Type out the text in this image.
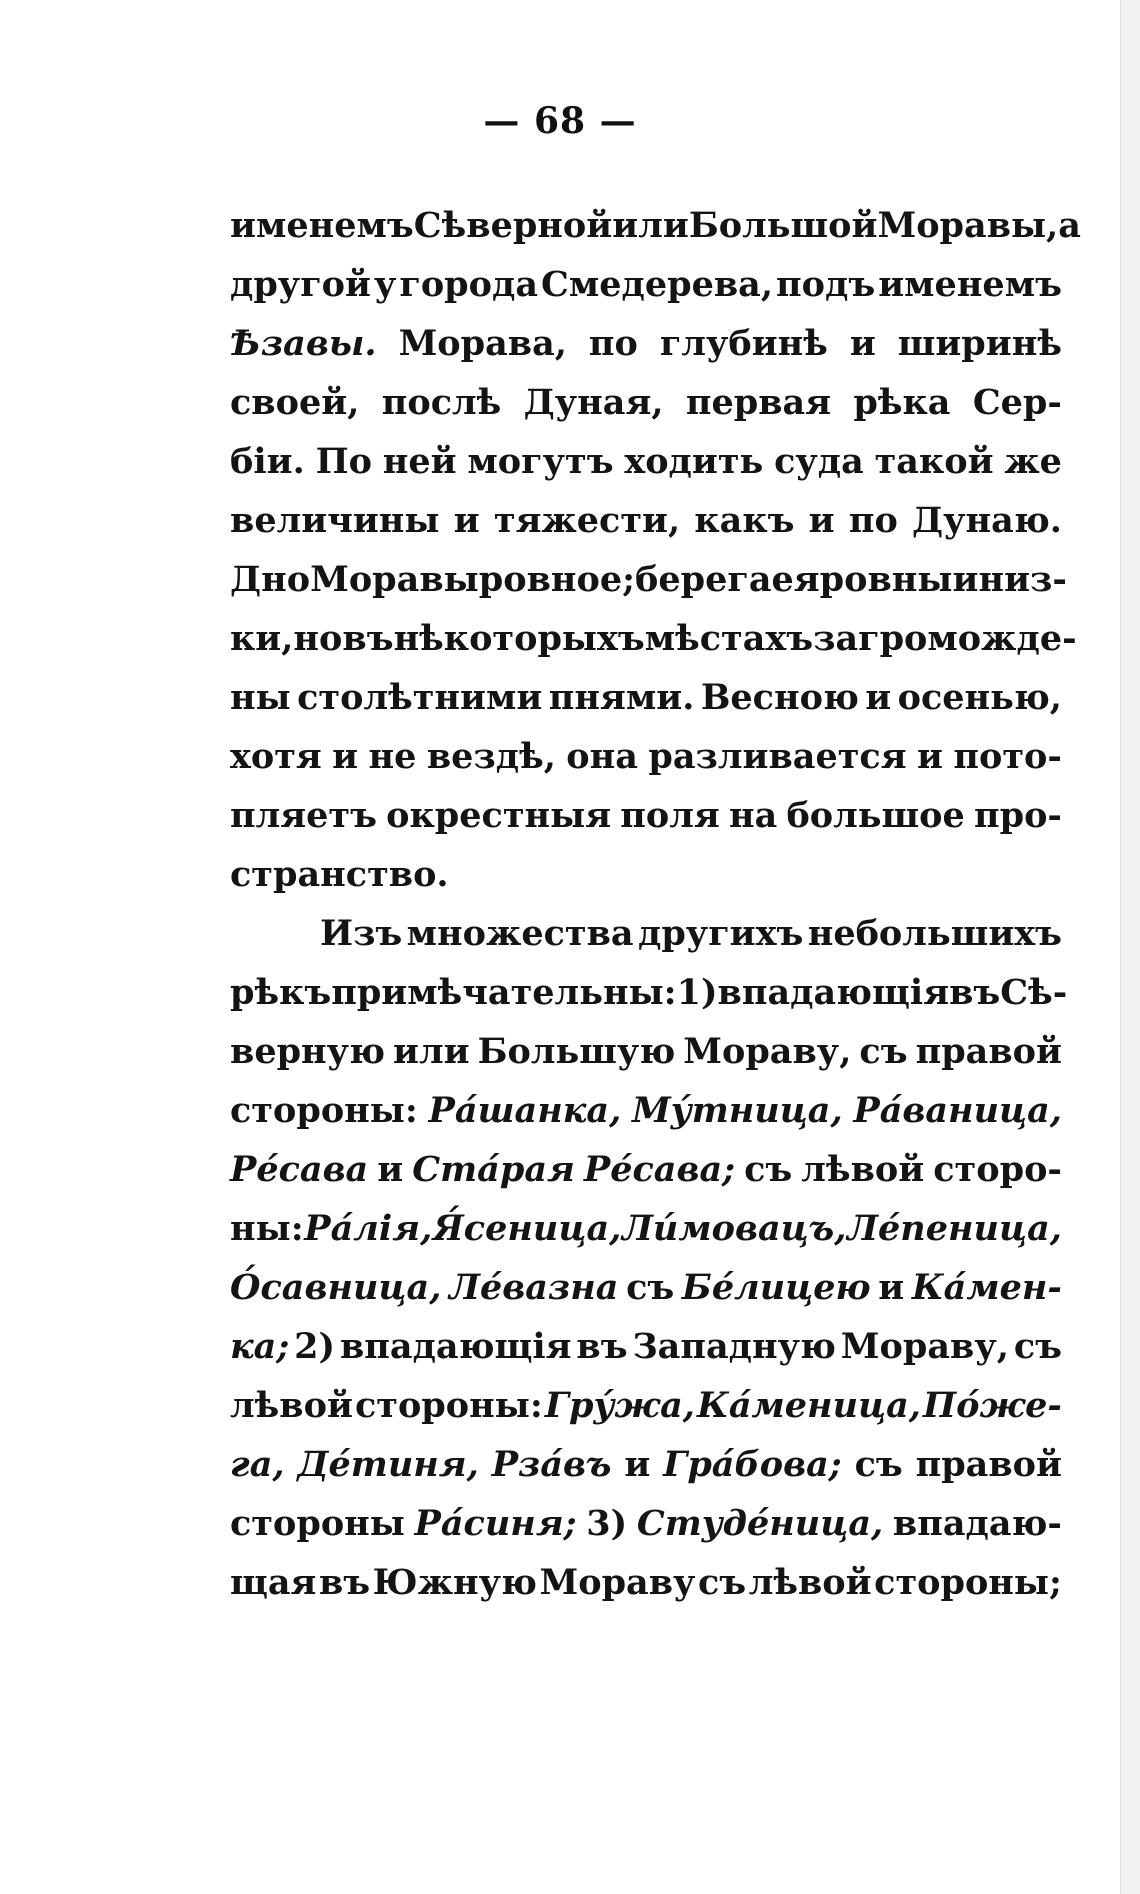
— 68 —
именемъ Сѣверной или Большой Моравы, а
другой у города Смедерева, подъ именемъ
Ѣзавы. Морава, по глубинѣ и ширинѣ
своей, послѣ Дуная, первая рѣка Сер-
біи. По ней могутъ ходить суда такой же
величины и тяжести, какъ и по Дунаю.
Дно Моравы ровное; берега ея ровны и низ-
ки, но въ нѣкоторыхъ мѣстахъ загроможде-
ны столѣтними пнями. Весною и осенью,
хотя и не вездѣ, она разливается и пото-
пляетъ окрестныя поля на большое про-
странство.
Изъ множества другихъ небольшихъ
рѣкъ примѣчательны: 1) впадающія въ Сѣ-
верную или Большую Мораву, съ правой
стороны: Ра́шанка, Му́тница, Ра́ваница,
Ре́сава и Ста́рая Ре́сава; съ лѣвой сторо-
ны: Ра́лія, Я́сеница, Ли́мовацъ, Ле́пеница,
О́савница, Ле́вазна съ Бе́лицею и Ка́мен-
ка; 2) впадающія въ Западную Мораву, съ
лѣвой стороны: Гру́жа, Ка́меница, По́же-
га, Де́тиня, Рза́въ и Гра́бова; съ правой
стороны Ра́синя; 3) Студе́ница, впадаю-
щая въ Южную Мораву съ лѣвой стороны;
